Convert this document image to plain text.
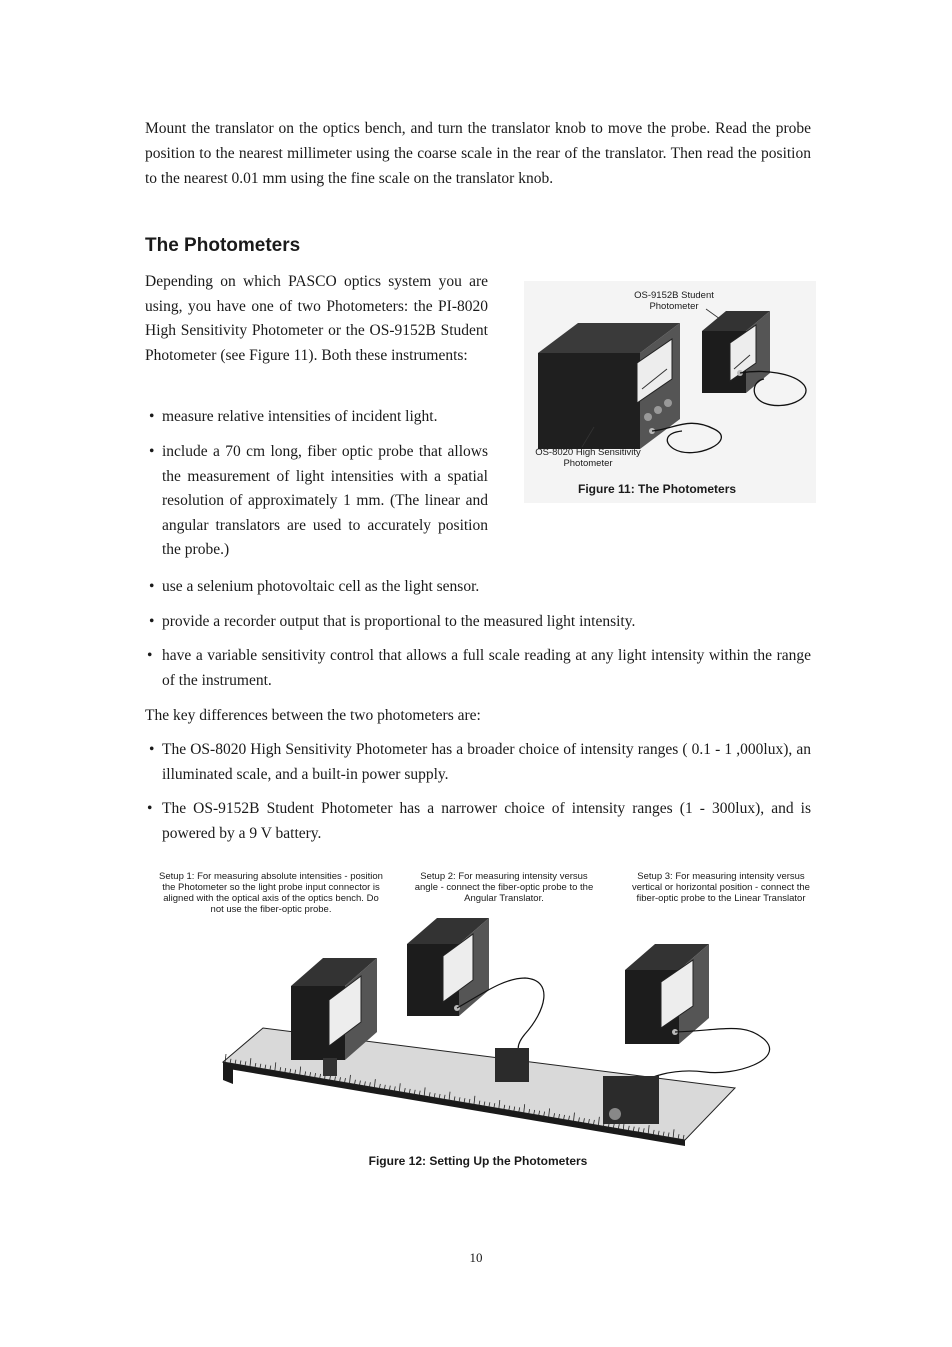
Mount the translator on the optics bench, and turn the translator knob to move the probe. Read the probe position to the nearest millimeter using the coarse scale in the rear of the translator. Then read the position to the nearest 0.01 mm using the fine scale on the translator knob.

The Photometers

Depending on which PASCO optics system you are using, you have one of two Photometers: the PI-8020 High Sensitivity Photometer or the OS-9152B Student Photometer (see Figure 11). Both these instruments:

• measure relative intensities of incident light.

• include a 70 cm long, fiber optic probe that allows the measurement of light intensities with a spatial resolution of approximately 1 mm. (The linear and angular translators are used to accurately position the probe.)

• use a selenium photovoltaic cell as the light sensor.

• provide a recorder output that is proportional to the measured light intensity.

• have a variable sensitivity control that allows a full scale reading at any light intensity within the range of the instrument.

The key differences between the two photometers are:

• The OS-8020 High Sensitivity Photometer has a broader choice of intensity ranges ( 0.1 - 1 ,000lux), an illuminated scale, and a built-in power supply.

• The OS-9152B Student Photometer has a narrower choice of intensity ranges (1 - 300lux), and is powered by a 9 V battery.

OS-9152B Student Photometer
OS-8020 High Sensitivity Photometer
Figure 11: The Photometers
Setup 1: For measuring absolute intensities - position the Photometer so the light probe input connector is aligned with the optical axis of the optics bench. Do not use the fiber-optic probe.
Setup 2: For measuring intensity versus angle - connect the fiber-optic probe to the Angular Translator.
Setup 3: For measuring intensity versus vertical or horizontal position - connect the fiber-optic probe to the Linear Translator
Figure 12: Setting Up the Photometers
10
